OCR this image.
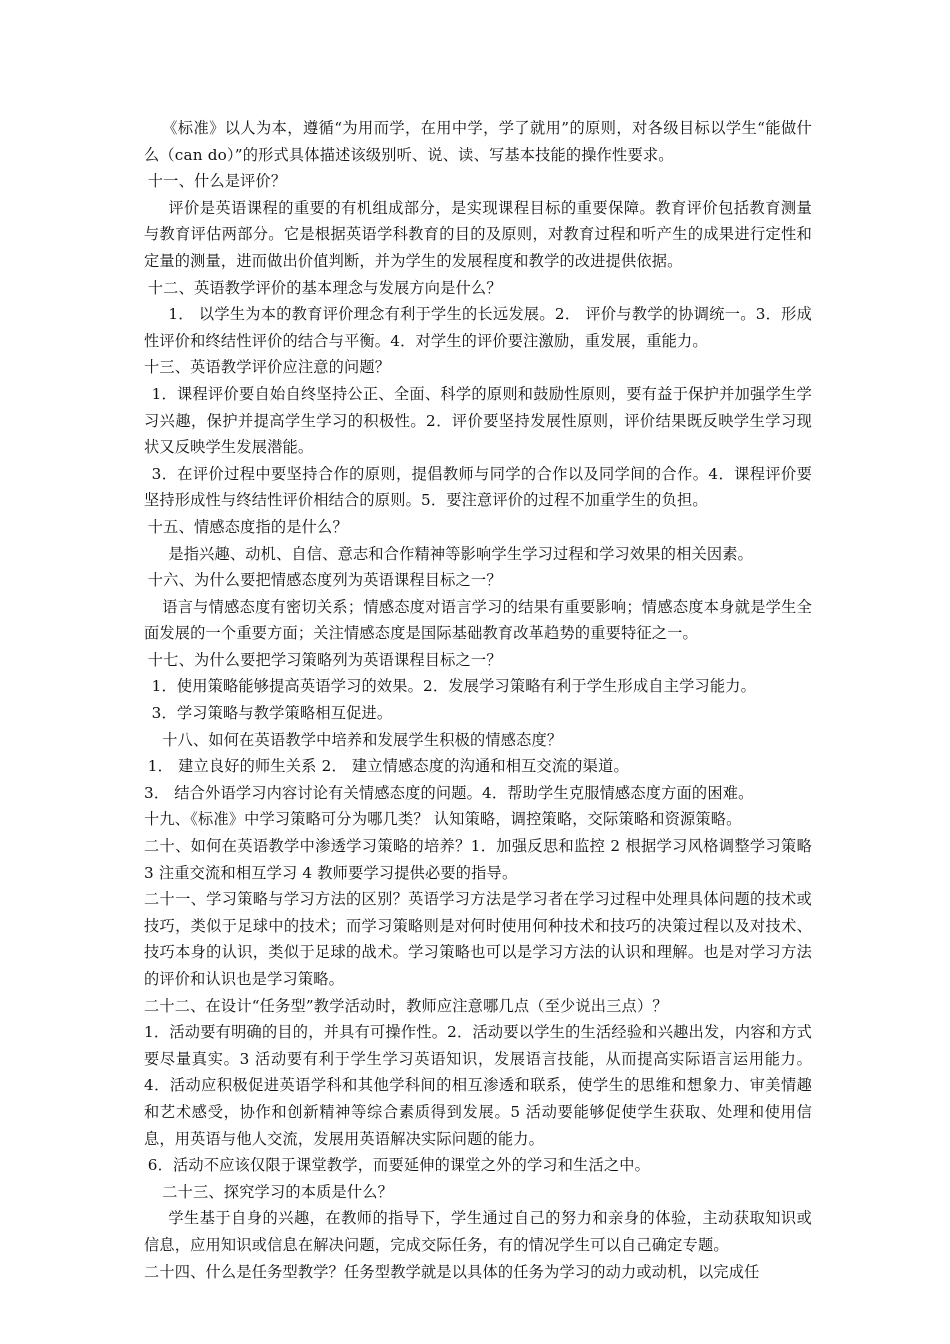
《标准》以人为本，遵循“为用而学，在用中学，学了就用”的原则，对各级目标以学生“能做什么（can do）”的形式具体描述该级别听、说、读、写基本技能的操作性要求。

十一、什么是评价？

评价是英语课程的重要的有机组成部分，是实现课程目标的重要保障。教育评价包括教育测量与教育评估两部分。它是根据英语学科教育的目的及原则，对教育过程和听产生的成果进行定性和定量的测量，进而做出价值判断，并为学生的发展程度和教学的改进提供依据。

十二、英语教学评价的基本理念与发展方向是什么？

1． 以学生为本的教育评价理念有利于学生的长远发展。2． 评价与教学的协调统一。3．形成性评价和终结性评价的结合与平衡。4．对学生的评价要注激励，重发展，重能力。

十三、英语教学评价应注意的问题？

1．课程评价要自始自终坚持公正、全面、科学的原则和鼓励性原则，要有益于保护并加强学生学习兴趣，保护并提高学生学习的积极性。2．评价要坚持发展性原则，评价结果既反映学生学习现状又反映学生发展潜能。

3．在评价过程中要坚持合作的原则，提倡教师与同学的合作以及同学间的合作。4．课程评价要坚持形成性与终结性评价相结合的原则。5．要注意评价的过程不加重学生的负担。

十五、情感态度指的是什么？

是指兴趣、动机、自信、意志和合作精神等影响学生学习过程和学习效果的相关因素。

十六、为什么要把情感态度列为英语课程目标之一？

语言与情感态度有密切关系；情感态度对语言学习的结果有重要影响；情感态度本身就是学生全面发展的一个重要方面；关注情感态度是国际基础教育改革趋势的重要特征之一。

十七、为什么要把学习策略列为英语课程目标之一？

1．使用策略能够提高英语学习的效果。2．发展学习策略有利于学生形成自主学习能力。

3．学习策略与教学策略相互促进。

十八、如何在英语教学中培养和发展学生积极的情感态度？

1． 建立良好的师生关系 2． 建立情感态度的沟通和相互交流的渠道。

3． 结合外语学习内容讨论有关情感态度的问题。4．帮助学生克服情感态度方面的困难。

十九、《标准》中学习策略可分为哪几类？ 认知策略，调控策略，交际策略和资源策略。

二十、如何在英语教学中渗透学习策略的培养？1．加强反思和监控 2 根据学习风格调整学习策略 3 注重交流和相互学习 4 教师要学习提供必要的指导。

二十一、学习策略与学习方法的区别？英语学习方法是学习者在学习过程中处理具体问题的技术或技巧，类似于足球中的技术；而学习策略则是对何时使用何种技术和技巧的决策过程以及对技术、技巧本身的认识，类似于足球的战术。学习策略也可以是学习方法的认识和理解。也是对学习方法的评价和认识也是学习策略。

二十二、在设计“任务型”教学活动时，教师应注意哪几点（至少说出三点）？

1．活动要有明确的目的，并具有可操作性。2．活动要以学生的生活经验和兴趣出发，内容和方式要尽量真实。3 活动要有利于学生学习英语知识，发展语言技能，从而提高实际语言运用能力。 4．活动应积极促进英语学科和其他学科间的相互渗透和联系，使学生的思维和想象力、审美情趣和艺术感受，协作和创新精神等综合素质得到发展。5 活动要能够促使学生获取、处理和使用信息，用英语与他人交流，发展用英语解决实际问题的能力。

6．活动不应该仅限于课堂教学，而要延伸的课堂之外的学习和生活之中。

二十三、探究学习的本质是什么？

学生基于自身的兴趣，在教师的指导下，学生通过自己的努力和亲身的体验，主动获取知识或信息，应用知识或信息在解决问题，完成交际任务，有的情况学生可以自己确定专题。

二十四、什么是任务型教学？任务型教学就是以具体的任务为学习的动力或动机，以完成任
